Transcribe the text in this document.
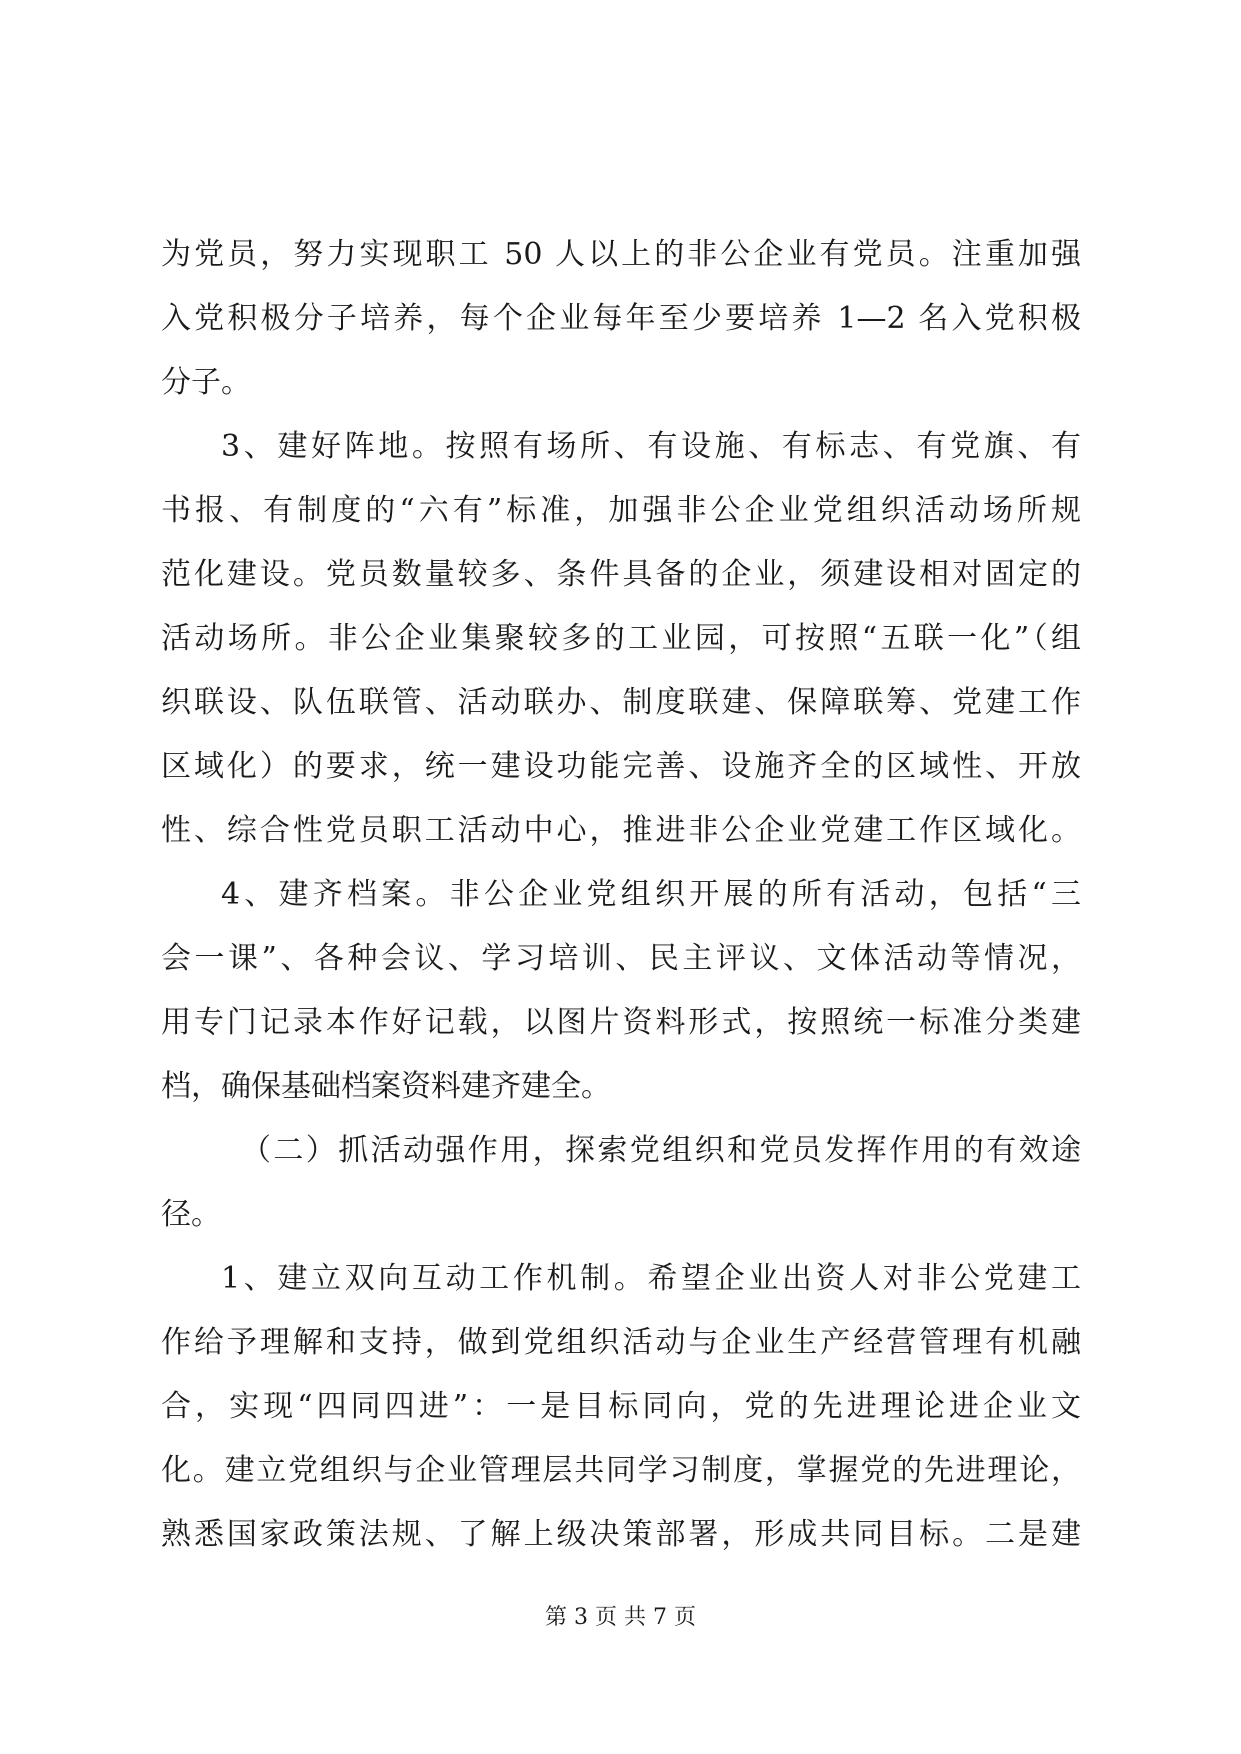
为党员，努力实现职工 50 人以上的非公企业有党员。注重加强
入党积极分子培养，每个企业每年至少要培养 1—2 名入党积极
分子。
3、建好阵地。按照有场所、有设施、有标志、有党旗、有
书报、有制度的“六有”标准，加强非公企业党组织活动场所规
范化建设。党员数量较多、条件具备的企业，须建设相对固定的
活动场所。非公企业集聚较多的工业园，可按照“五联一化”（组
织联设、队伍联管、活动联办、制度联建、保障联筹、党建工作
区域化）的要求，统一建设功能完善、设施齐全的区域性、开放
性、综合性党员职工活动中心，推进非公企业党建工作区域化。
4、建齐档案。非公企业党组织开展的所有活动，包括“三
会一课”、各种会议、学习培训、民主评议、文体活动等情况，
用专门记录本作好记载，以图片资料形式，按照统一标准分类建
档，确保基础档案资料建齐建全。
（二）抓活动强作用，探索党组织和党员发挥作用的有效途
径。
1、建立双向互动工作机制。希望企业出资人对非公党建工
作给予理解和支持，做到党组织活动与企业生产经营管理有机融
合，实现“四同四进”：一是目标同向，党的先进理论进企业文
化。建立党组织与企业管理层共同学习制度，掌握党的先进理论，
熟悉国家政策法规、了解上级决策部署，形成共同目标。二是建
第 3 页 共 7 页
